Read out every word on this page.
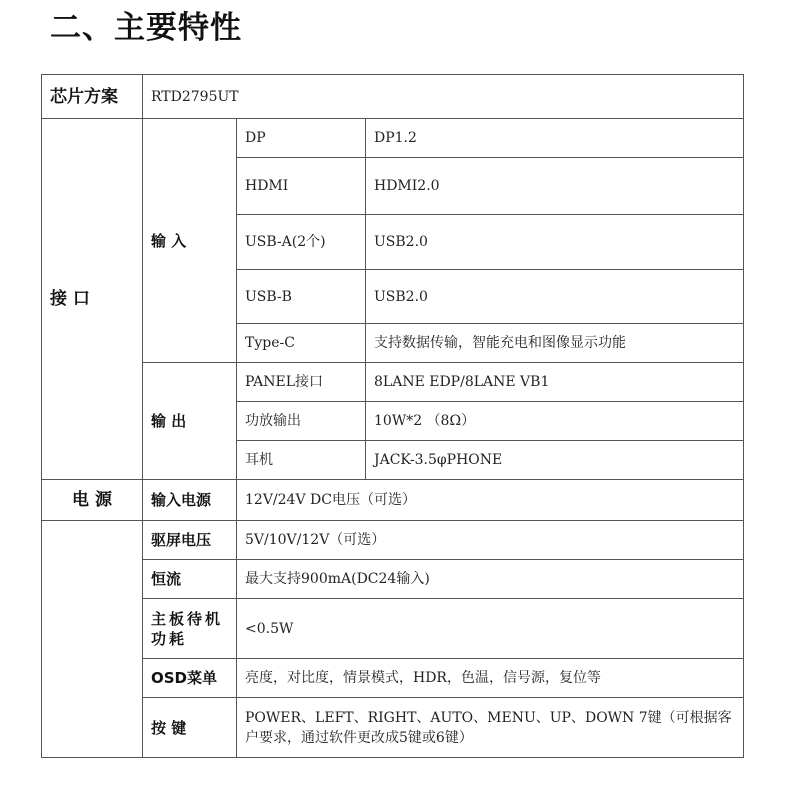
二、主要特性
芯片方案	RTD2795UT		
接 口	输 入	DP	DP1.2
		HDMI	HDMI2.0
		USB-A(2个)	USB2.0
		USB-B	USB2.0
		Type-C	支持数据传输，智能充电和图像显示功能
	输 出	PANEL接口	8LANE EDP/8LANE VB1
		功放输出	10W*2 （8Ω）
		耳机	JACK-3.5φPHONE
电 源	输入电源	12V/24V DC电压（可选）	
	驱屏电压	5V/10V/12V（可选）	
	恒流	最大支持900mA(DC24输入)	
	主板待机功耗	<0.5W	
	OSD菜单	亮度，对比度，情景模式，HDR，色温，信号源，复位等	
	按 键	POWER、LEFT、RIGHT、AUTO、MENU、UP、DOWN 7键（可根据客户要求，通过软件更改成5键或6键）	
